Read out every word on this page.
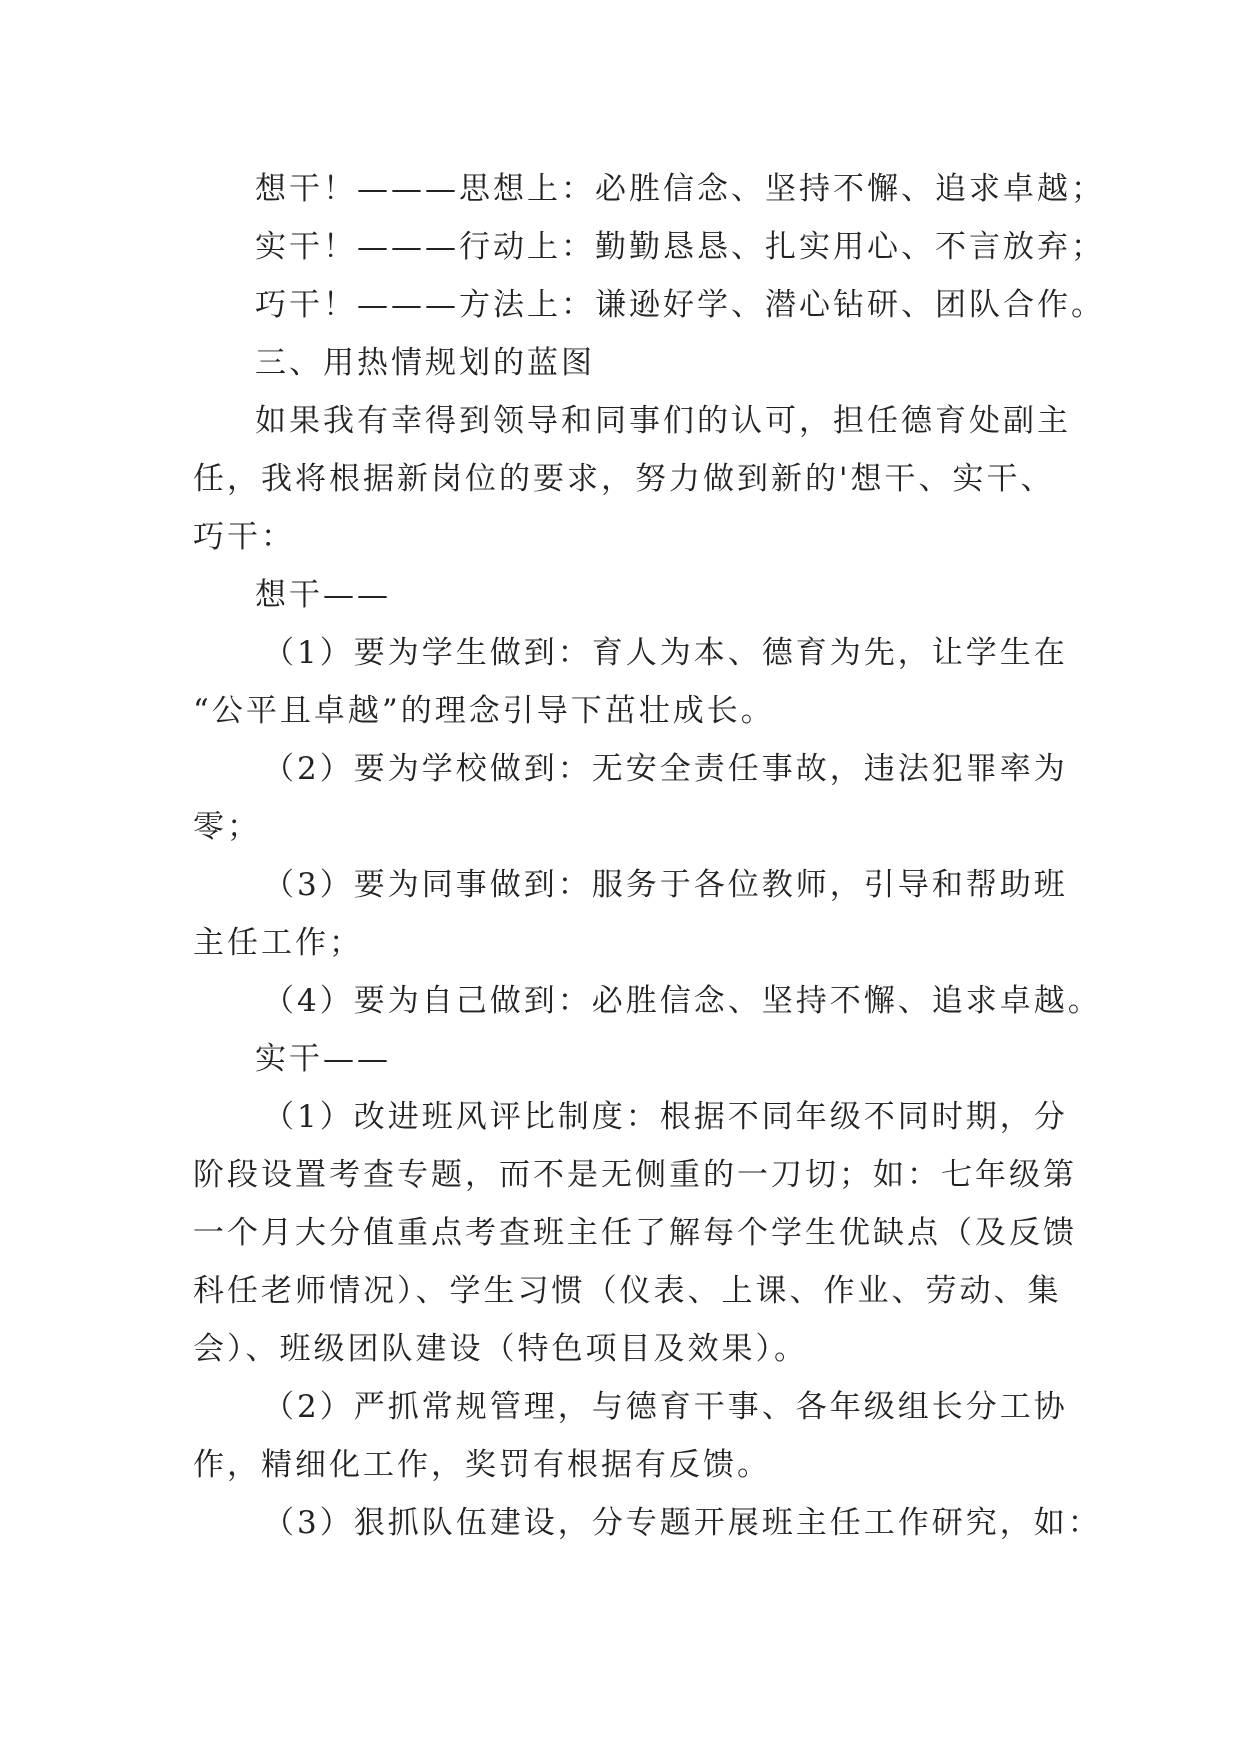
想干！———思想上：必胜信念、坚持不懈、追求卓越；
实干！———行动上：勤勤恳恳、扎实用心、不言放弃；
巧干！———方法上：谦逊好学、潜心钻研、团队合作。
三、用热情规划的蓝图
如果我有幸得到领导和同事们的认可，担任德育处副主
任，我将根据新岗位的要求，努力做到新的'想干、实干、
巧干：
想干——
（1）要为学生做到：育人为本、德育为先，让学生在
“公平且卓越”的理念引导下茁壮成长。
（2）要为学校做到：无安全责任事故，违法犯罪率为
零；
（3）要为同事做到：服务于各位教师，引导和帮助班
主任工作；
（4）要为自己做到：必胜信念、坚持不懈、追求卓越。
实干——
（1）改进班风评比制度：根据不同年级不同时期，分
阶段设置考查专题，而不是无侧重的一刀切；如：七年级第
一个月大分值重点考查班主任了解每个学生优缺点（及反馈
科任老师情况）、学生习惯（仪表、上课、作业、劳动、集
会）、班级团队建设（特色项目及效果）。
（2）严抓常规管理，与德育干事、各年级组长分工协
作，精细化工作，奖罚有根据有反馈。
（3）狠抓队伍建设，分专题开展班主任工作研究，如：
